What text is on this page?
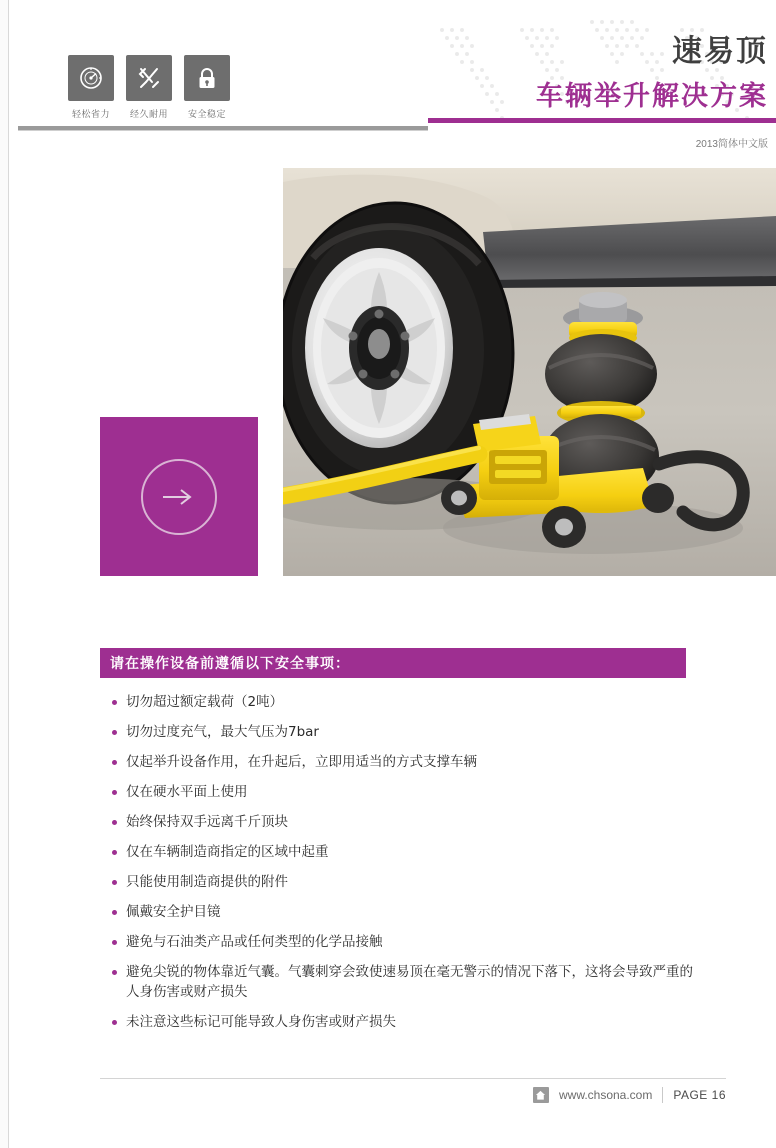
轻松省力 经久耐用 安全稳定
速易顶
车辆举升解决方案
2013简体中文版
请在操作设备前遵循以下安全事项：
切勿超过额定载荷（2吨）
切勿过度充气，最大气压为7bar
仅起举升设备作用，在升起后，立即用适当的方式支撑车辆
仅在硬水平面上使用
始终保持双手远离千斤顶块
仅在车辆制造商指定的区域中起重
只能使用制造商提供的附件
佩戴安全护目镜
避免与石油类产品或任何类型的化学品接触
避免尖锐的物体靠近气囊。气囊刺穿会致使速易顶在毫无警示的情况下落下，这将会导致严重的人身伤害或财产损失
未注意这些标记可能导致人身伤害或财产损失
www.chsona.com PAGE 16
